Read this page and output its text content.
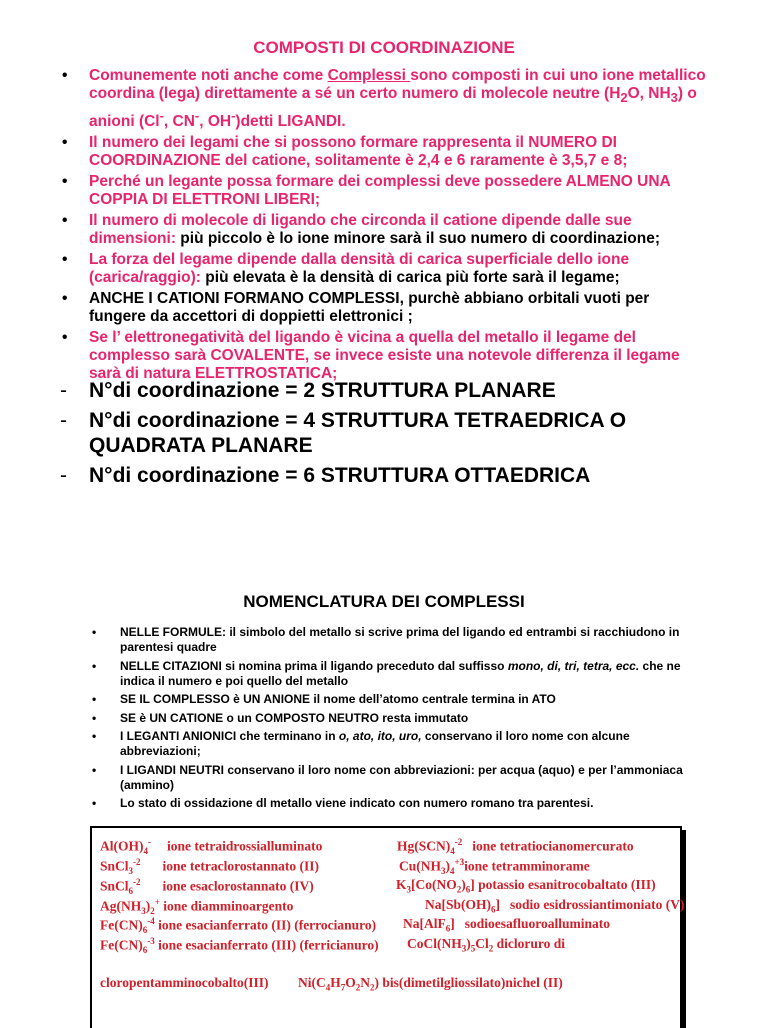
COMPOSTI DI COORDINAZIONE
• Comunemente noti anche come Complessi sono composti in cui uno ione metallico coordina (lega) direttamente a sé un certo numero di molecole neutre ($H_2O$, $NH_3$) o anioni (Cl-, CN-, OH-)detti LIGANDI.
• Il numero dei legami che si possono formare rappresenta il NUMERO DI COORDINAZIONE del catione, solitamente è 2,4 e 6 raramente è 3,5,7 e 8;
• Perché un legante possa formare dei complessi deve possedere ALMENO UNA COPPIA DI ELETTRONI LIBERI;
• Il numero di molecole di ligando che circonda il catione dipende dalle sue dimensioni: più piccolo è lo ione minore sarà il suo numero di coordinazione;
• La forza del legame dipende dalla densità di carica superficiale dello ione (carica/raggio): più elevata è la densità di carica più forte sarà il legame;
• ANCHE I CATIONI FORMANO COMPLESSI, purchè abbiano orbitali vuoti per fungere da accettori di doppietti elettronici ;
• Se l’ elettronegatività del ligando è vicina a quella del metallo il legame del complesso sarà COVALENTE, se invece esiste una notevole differenza il legame sarà di natura ELETTROSTATICA;
- N°di coordinazione = 2 STRUTTURA PLANARE
- N°di coordinazione = 4 STRUTTURA TETRAEDRICA O QUADRATA PLANARE
- N°di coordinazione = 6 STRUTTURA OTTAEDRICA
NOMENCLATURA DEI COMPLESSI
• NELLE FORMULE: il simbolo del metallo si scrive prima del ligando ed entrambi si racchiudono in parentesi quadre
• NELLE CITAZIONI si nomina prima il ligando preceduto dal suffisso mono, di, tri, tetra, ecc. che ne indica il numero e poi quello del metallo
• SE IL COMPLESSO è UN ANIONE il nome dell’atomo centrale termina in ATO
• SE è UN CATIONE o un COMPOSTO NEUTRO resta immutato
• I LEGANTI ANIONICI che terminano in o, ato, ito, uro, conservano il loro nome con alcune abbreviazioni;
• I LIGANDI NEUTRI conservano il loro nome con abbreviazioni: per acqua (aquo) e per l’ammoniaca (ammino)
• Lo stato di ossidazione dl metallo viene indicato con numero romano tra parentesi.
$Al(OH)_4^-$ ione tetraidrossialluminato	$Hg(SCN)_4^{-2}$ ione tetratiocianomercurato
SnCl$_3^{-2}$ ione tetraclorostannato (II)	$Cu(NH_3)_4^{+3}ione$ tetramminorame
SnCl$_6^{-2}$ ione esaclorostannato (IV)	$K_3[Co(NO_2)_6]$ potassio esanitrocobaltato (III)
$Ag(NH_3)_2^+$ ione diamminoargento	$Na[Sb(OH)_6]$ sodio esidrossiantimoniato (V)
$Fe(CN)_6^{-4}$ ione esacianferrato (II) (ferrocianuro) Na[AlF$_6$] sodioesafluoroalluminato
$Fe(CN)_6^{-3}$ ione esacianferrato (III) (ferricianuro) $CoCl(NH_3)_5Cl_2$ dicloruro di
cloropentamminocobalto(III) $Ni(C_4H_7O_2N_2)$ bis(dimetilgliossilato)nichel (II)
